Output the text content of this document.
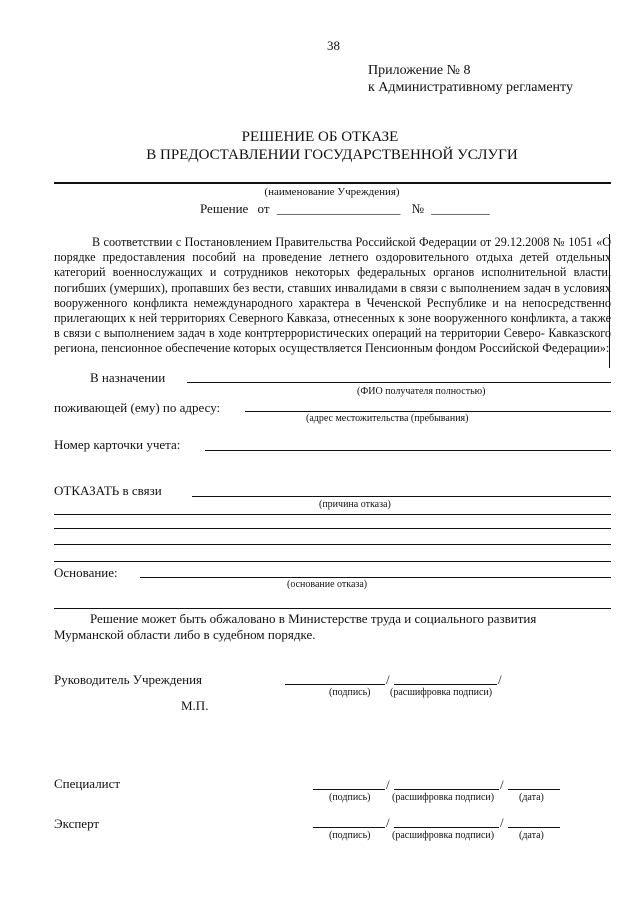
38
Приложение № 8
к Административному регламенту
РЕШЕНИЕ ОБ ОТКАЗЕ
В ПРЕДОСТАВЛЕНИИ ГОСУДАРСТВЕННОЙ УСЛУГИ
(наименование Учреждения)
Решение от ___________________ № _________
В соответствии с Постановлением Правительства Российской Федерации от 29.12.2008 № 1051 «О порядке предоставления пособий на проведение летнего оздоровительного отдыха детей отдельных категорий военнослужащих и сотрудников некоторых федеральных органов исполнительной власти, погибших (умерших), пропавших без вести, ставших инвалидами в связи с выполнением задач в условиях вооруженного конфликта немеждународного характера в Чеченской Республике и на непосредственно прилегающих к ней территориях Северного Кавказа, отнесенных к зоне вооруженного конфликта, а также в связи с выполнением задач в ходе контртеррористических операций на территории Северо- Кавказского региона, пенсионное обеспечение которых осуществляется Пенсионным фондом Российской Федерации»:
В назначении
(ФИО получателя полностью)
поживающей (ему) по адресу:
(адрес местожительства (пребывания)
Номер карточки учета:
ОТКАЗАТЬ в связи
(причина отказа)
Основание:
(основание отказа)
Решение может быть обжаловано в Министерстве труда и социального развития
Мурманской области либо в судебном порядке.
Руководитель Учреждения	/	/
(подпись) (расшифровка подписи)
М.П.
Специалист	/	/
(подпись) (расшифровка подписи) (дата)
Эксперт	/	/
(подпись) (расшифровка подписи) (дата)
